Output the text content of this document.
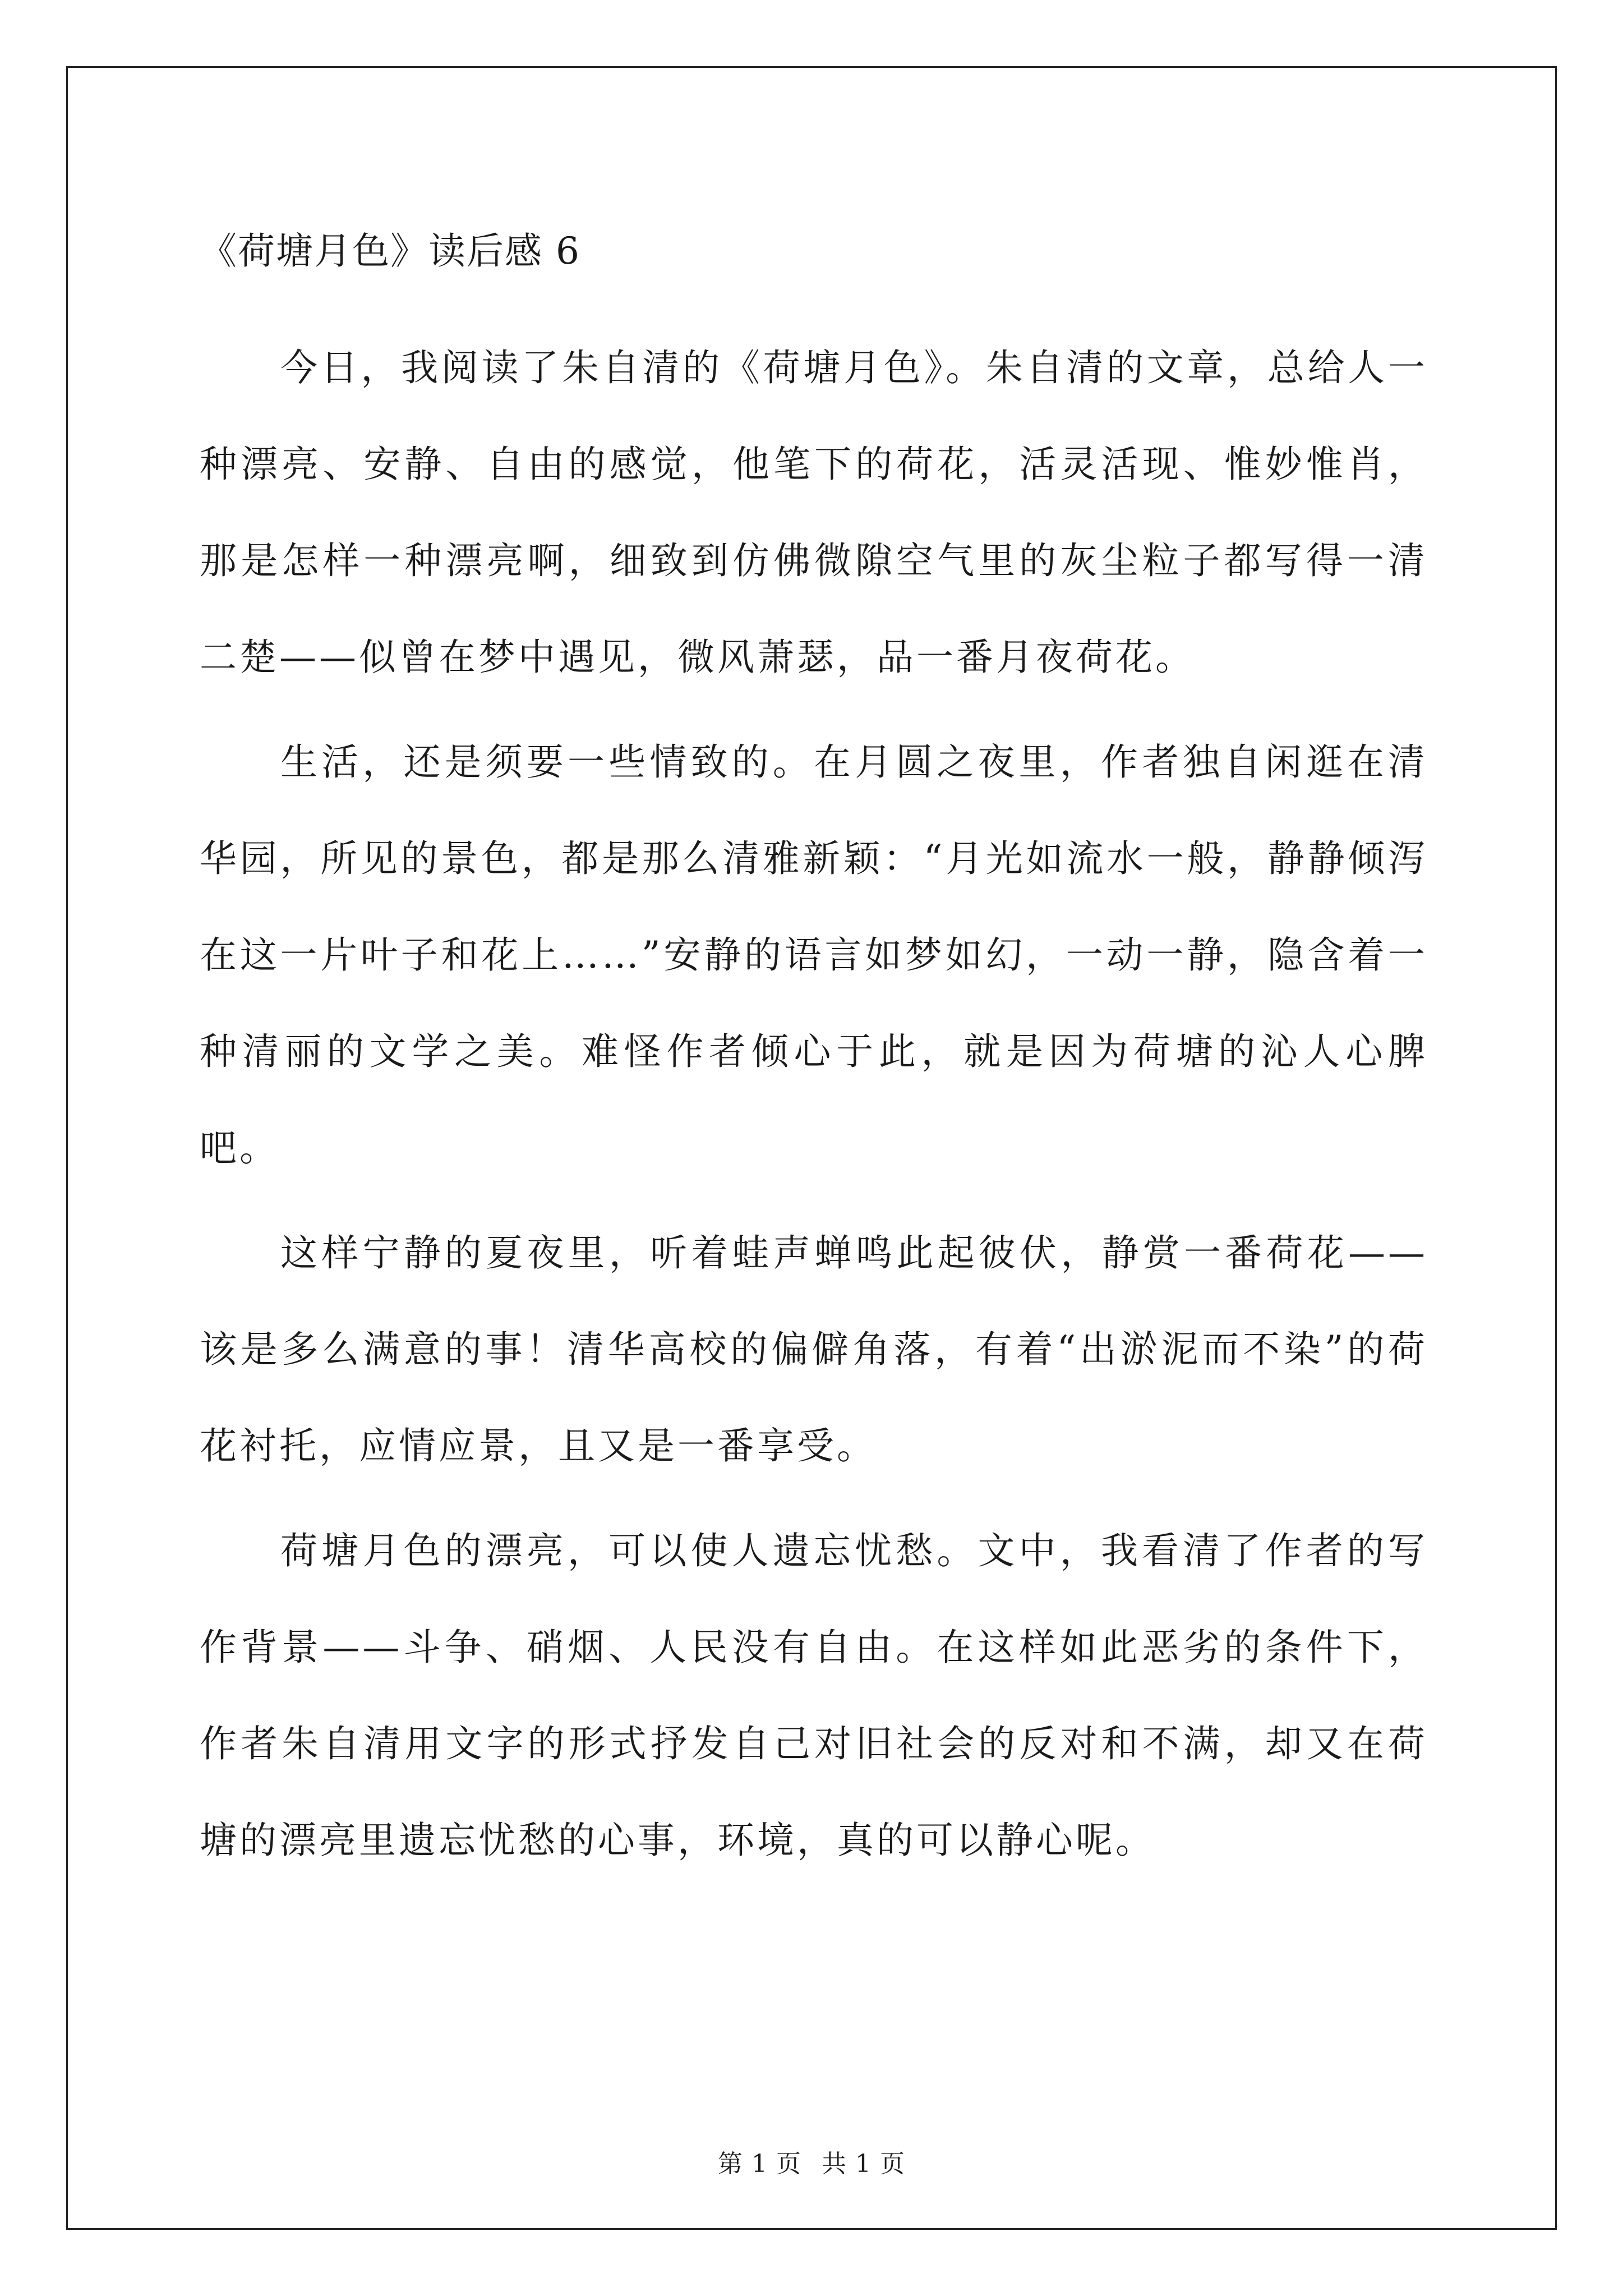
《荷塘月色》读后感 6

今日，我阅读了朱自清的《荷塘月色》。朱自清的文章，总给人一种漂亮、安静、自由的感觉，他笔下的荷花，活灵活现、惟妙惟肖，那是怎样一种漂亮啊，细致到仿佛微隙空气里的灰尘粒子都写得一清二楚——似曾在梦中遇见，微风萧瑟，品一番月夜荷花。

生活，还是须要一些情致的。在月圆之夜里，作者独自闲逛在清华园，所见的景色，都是那么清雅新颖：“月光如流水一般，静静倾泻在这一片叶子和花上……”安静的语言如梦如幻，一动一静，隐含着一种清丽的文学之美。难怪作者倾心于此，就是因为荷塘的沁人心脾吧。

这样宁静的夏夜里，听着蛙声蝉鸣此起彼伏，静赏一番荷花——该是多么满意的事！清华高校的偏僻角落，有着“出淤泥而不染”的荷花衬托，应情应景，且又是一番享受。

荷塘月色的漂亮，可以使人遗忘忧愁。文中，我看清了作者的写作背景——斗争、硝烟、人民没有自由。在这样如此恶劣的条件下，作者朱自清用文字的形式抒发自己对旧社会的反对和不满，却又在荷塘的漂亮里遗忘忧愁的心事，环境，真的可以静心呢。

第 1 页 共 1 页
